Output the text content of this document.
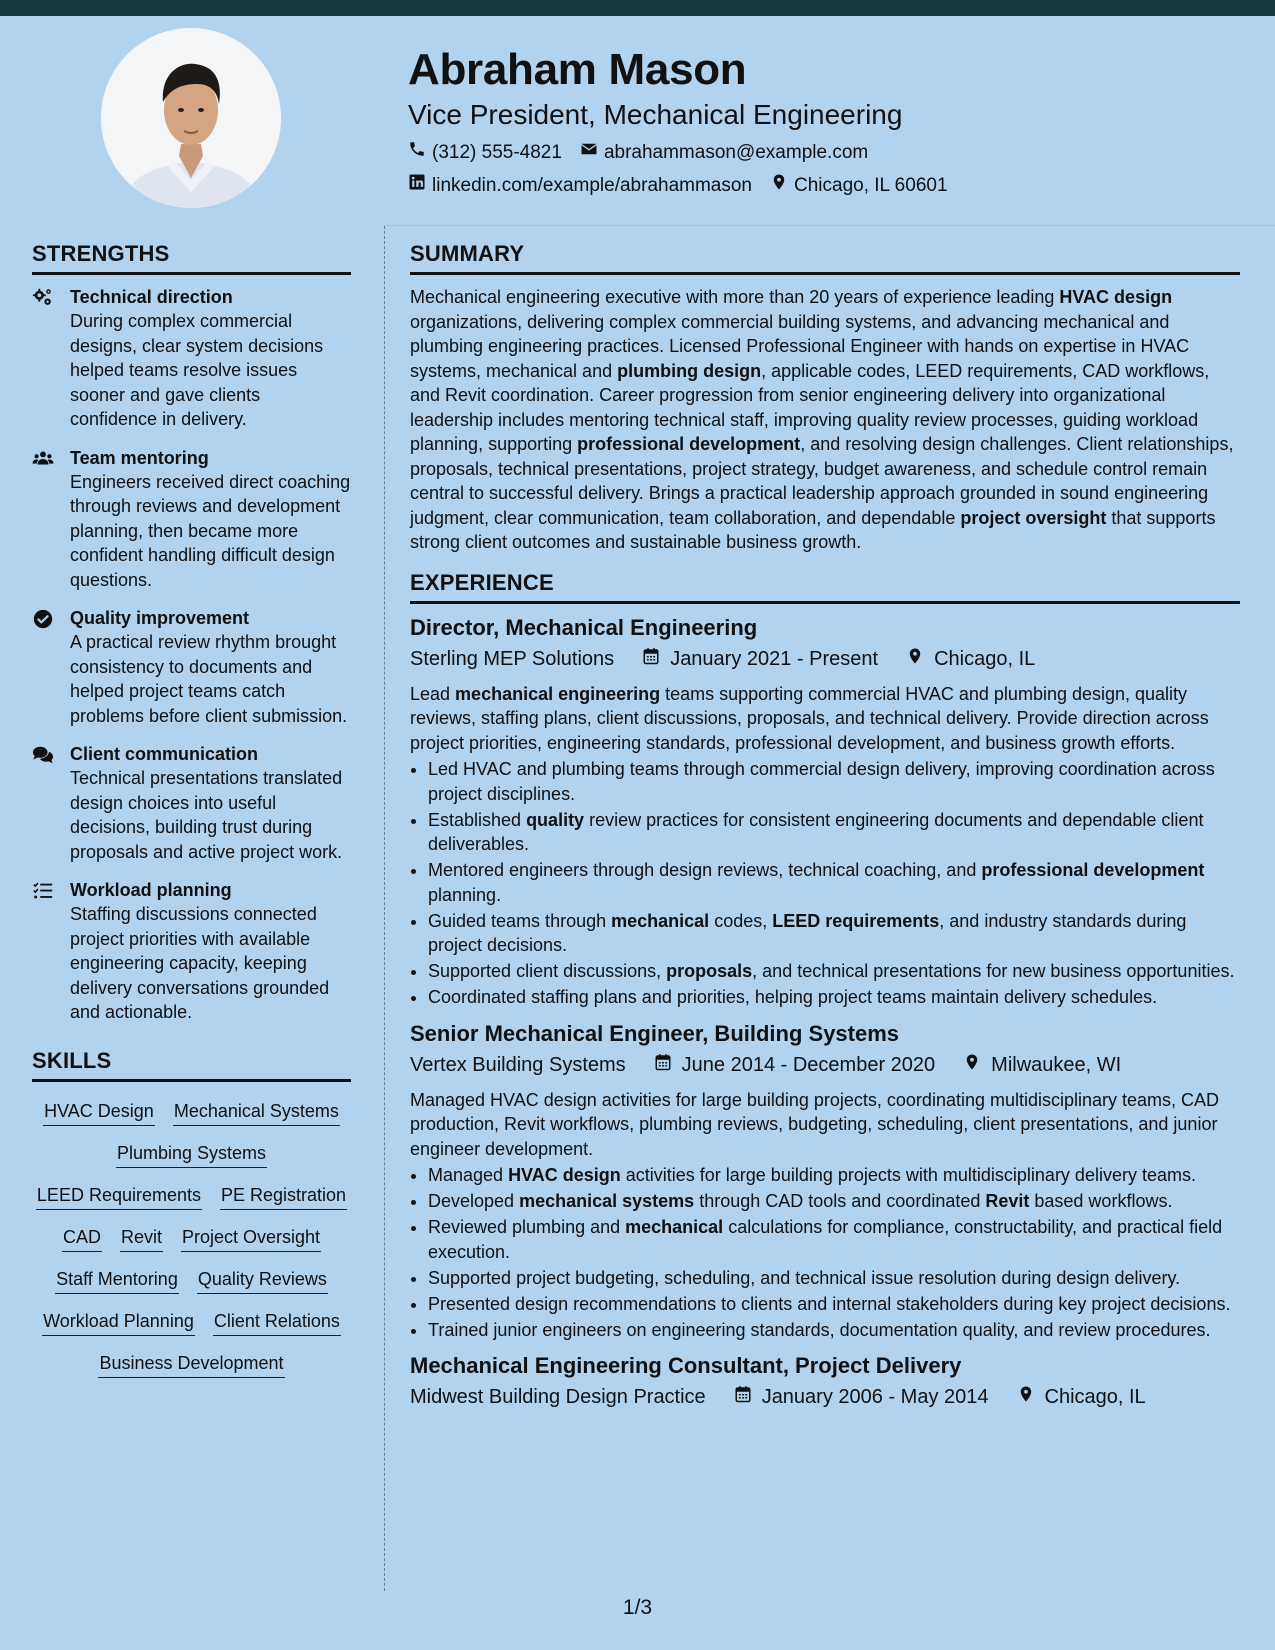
Abraham Mason
Vice President, Mechanical Engineering
(312) 555-4821 abrahammason@example.com
linkedin.com/example/abrahammason Chicago, IL 60601
STRENGTHS
Technical direction
During complex commercial designs, clear system decisions helped teams resolve issues sooner and gave clients confidence in delivery.
Team mentoring
Engineers received direct coaching through reviews and development planning, then became more confident handling difficult design questions.
Quality improvement
A practical review rhythm brought consistency to documents and helped project teams catch problems before client submission.
Client communication
Technical presentations translated design choices into useful decisions, building trust during proposals and active project work.
Workload planning
Staffing discussions connected project priorities with available engineering capacity, keeping delivery conversations grounded and actionable.
SKILLS
HVAC Design Mechanical Systems
Plumbing Systems
LEED Requirements PE Registration
CAD Revit Project Oversight
Staff Mentoring Quality Reviews
Workload Planning Client Relations
Business Development
SUMMARY

Mechanical engineering executive with more than 20 years of experience leading HVAC design organizations, delivering complex commercial building systems, and advancing mechanical and plumbing engineering practices. Licensed Professional Engineer with hands on expertise in HVAC systems, mechanical and plumbing design, applicable codes, LEED requirements, CAD workflows, and Revit coordination. Career progression from senior engineering delivery into organizational leadership includes mentoring technical staff, improving quality review processes, guiding workload planning, supporting professional development, and resolving design challenges. Client relationships, proposals, technical presentations, project strategy, budget awareness, and schedule control remain central to successful delivery. Brings a practical leadership approach grounded in sound engineering judgment, clear communication, team collaboration, and dependable project oversight that supports strong client outcomes and sustainable business growth.

EXPERIENCE
Director, Mechanical Engineering
Sterling MEP Solutions	January 2021 - Present	Chicago, IL

Lead mechanical engineering teams supporting commercial HVAC and plumbing design, quality reviews, staffing plans, client discussions, proposals, and technical delivery. Provide direction across project priorities, engineering standards, professional development, and business growth efforts.

• Led HVAC and plumbing teams through commercial design delivery, improving coordination across project disciplines.
• Established quality review practices for consistent engineering documents and dependable client deliverables.
• Mentored engineers through design reviews, technical coaching, and professional development planning.
• Guided teams through mechanical codes, LEED requirements, and industry standards during project decisions.
• Supported client discussions, proposals, and technical presentations for new business opportunities.
• Coordinated staffing plans and priorities, helping project teams maintain delivery schedules.
Senior Mechanical Engineer, Building Systems
Vertex Building Systems	June 2014 - December 2020	Milwaukee, WI

Managed HVAC design activities for large building projects, coordinating multidisciplinary teams, CAD production, Revit workflows, plumbing reviews, budgeting, scheduling, client presentations, and junior engineer development.

• Managed HVAC design activities for large building projects with multidisciplinary delivery teams.
• Developed mechanical systems through CAD tools and coordinated Revit based workflows.
• Reviewed plumbing and mechanical calculations for compliance, constructability, and practical field execution.
• Supported project budgeting, scheduling, and technical issue resolution during design delivery.
• Presented design recommendations to clients and internal stakeholders during key project decisions.
• Trained junior engineers on engineering standards, documentation quality, and review procedures.
Mechanical Engineering Consultant, Project Delivery
Midwest Building Design Practice	January 2006 - May 2014	Chicago, IL
1/3
